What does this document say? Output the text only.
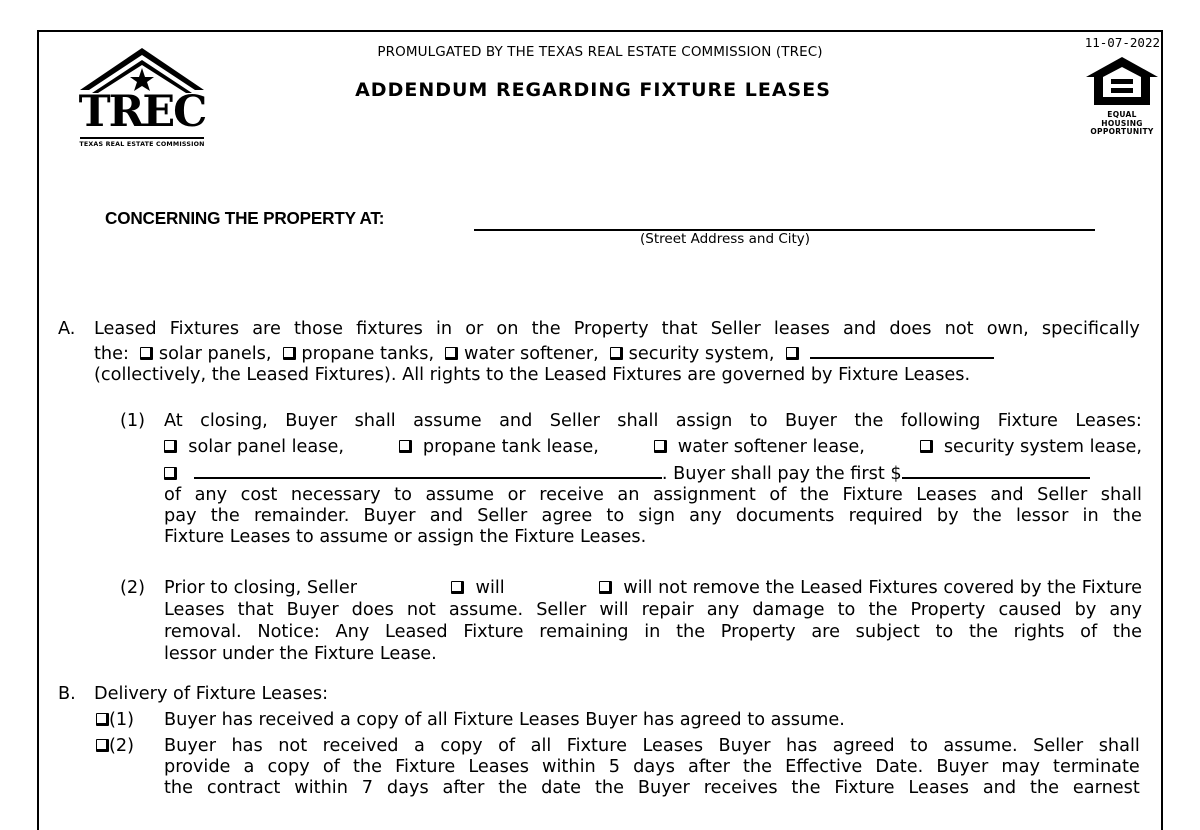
TREC
TEXAS REAL ESTATE COMMISSION
PROMULGATED BY THE TEXAS REAL ESTATE COMMISSION (TREC)
ADDENDUM REGARDING FIXTURE LEASES
11-07-2022
EQUAL
HOUSING
OPPORTUNITY
CONCERNING THE PROPERTY AT:
(Street Address and City)
A. Leased Fixtures are those fixtures in or on the Property that Seller leases and does not own, specifically
the: solar panels, propane tanks, water softener, security system,
(collectively, the Leased Fixtures). All rights to the Leased Fixtures are governed by Fixture Leases.
(1) At closing, Buyer shall assume and Seller shall assign to Buyer the following Fixture Leases:
solar panel lease,	propane tank lease,	water softener lease,	security system lease,
. Buyer shall pay the first $
of any cost necessary to assume or receive an assignment of the Fixture Leases and Seller shall
pay the remainder. Buyer and Seller agree to sign any documents required by the lessor in the
Fixture Leases to assume or assign the Fixture Leases.
(2) Prior to closing, Seller	will	will not remove the Leased Fixtures covered by the Fixture
Leases that Buyer does not assume. Seller will repair any damage to the Property caused by any
removal. Notice: Any Leased Fixture remaining in the Property are subject to the rights of the
lessor under the Fixture Lease.
B. Delivery of Fixture Leases:
(1) Buyer has received a copy of all Fixture Leases Buyer has agreed to assume.
(2) Buyer has not received a copy of all Fixture Leases Buyer has agreed to assume. Seller shall
provide a copy of the Fixture Leases within 5 days after the Effective Date. Buyer may terminate
the contract within 7 days after the date the Buyer receives the Fixture Leases and the earnest
